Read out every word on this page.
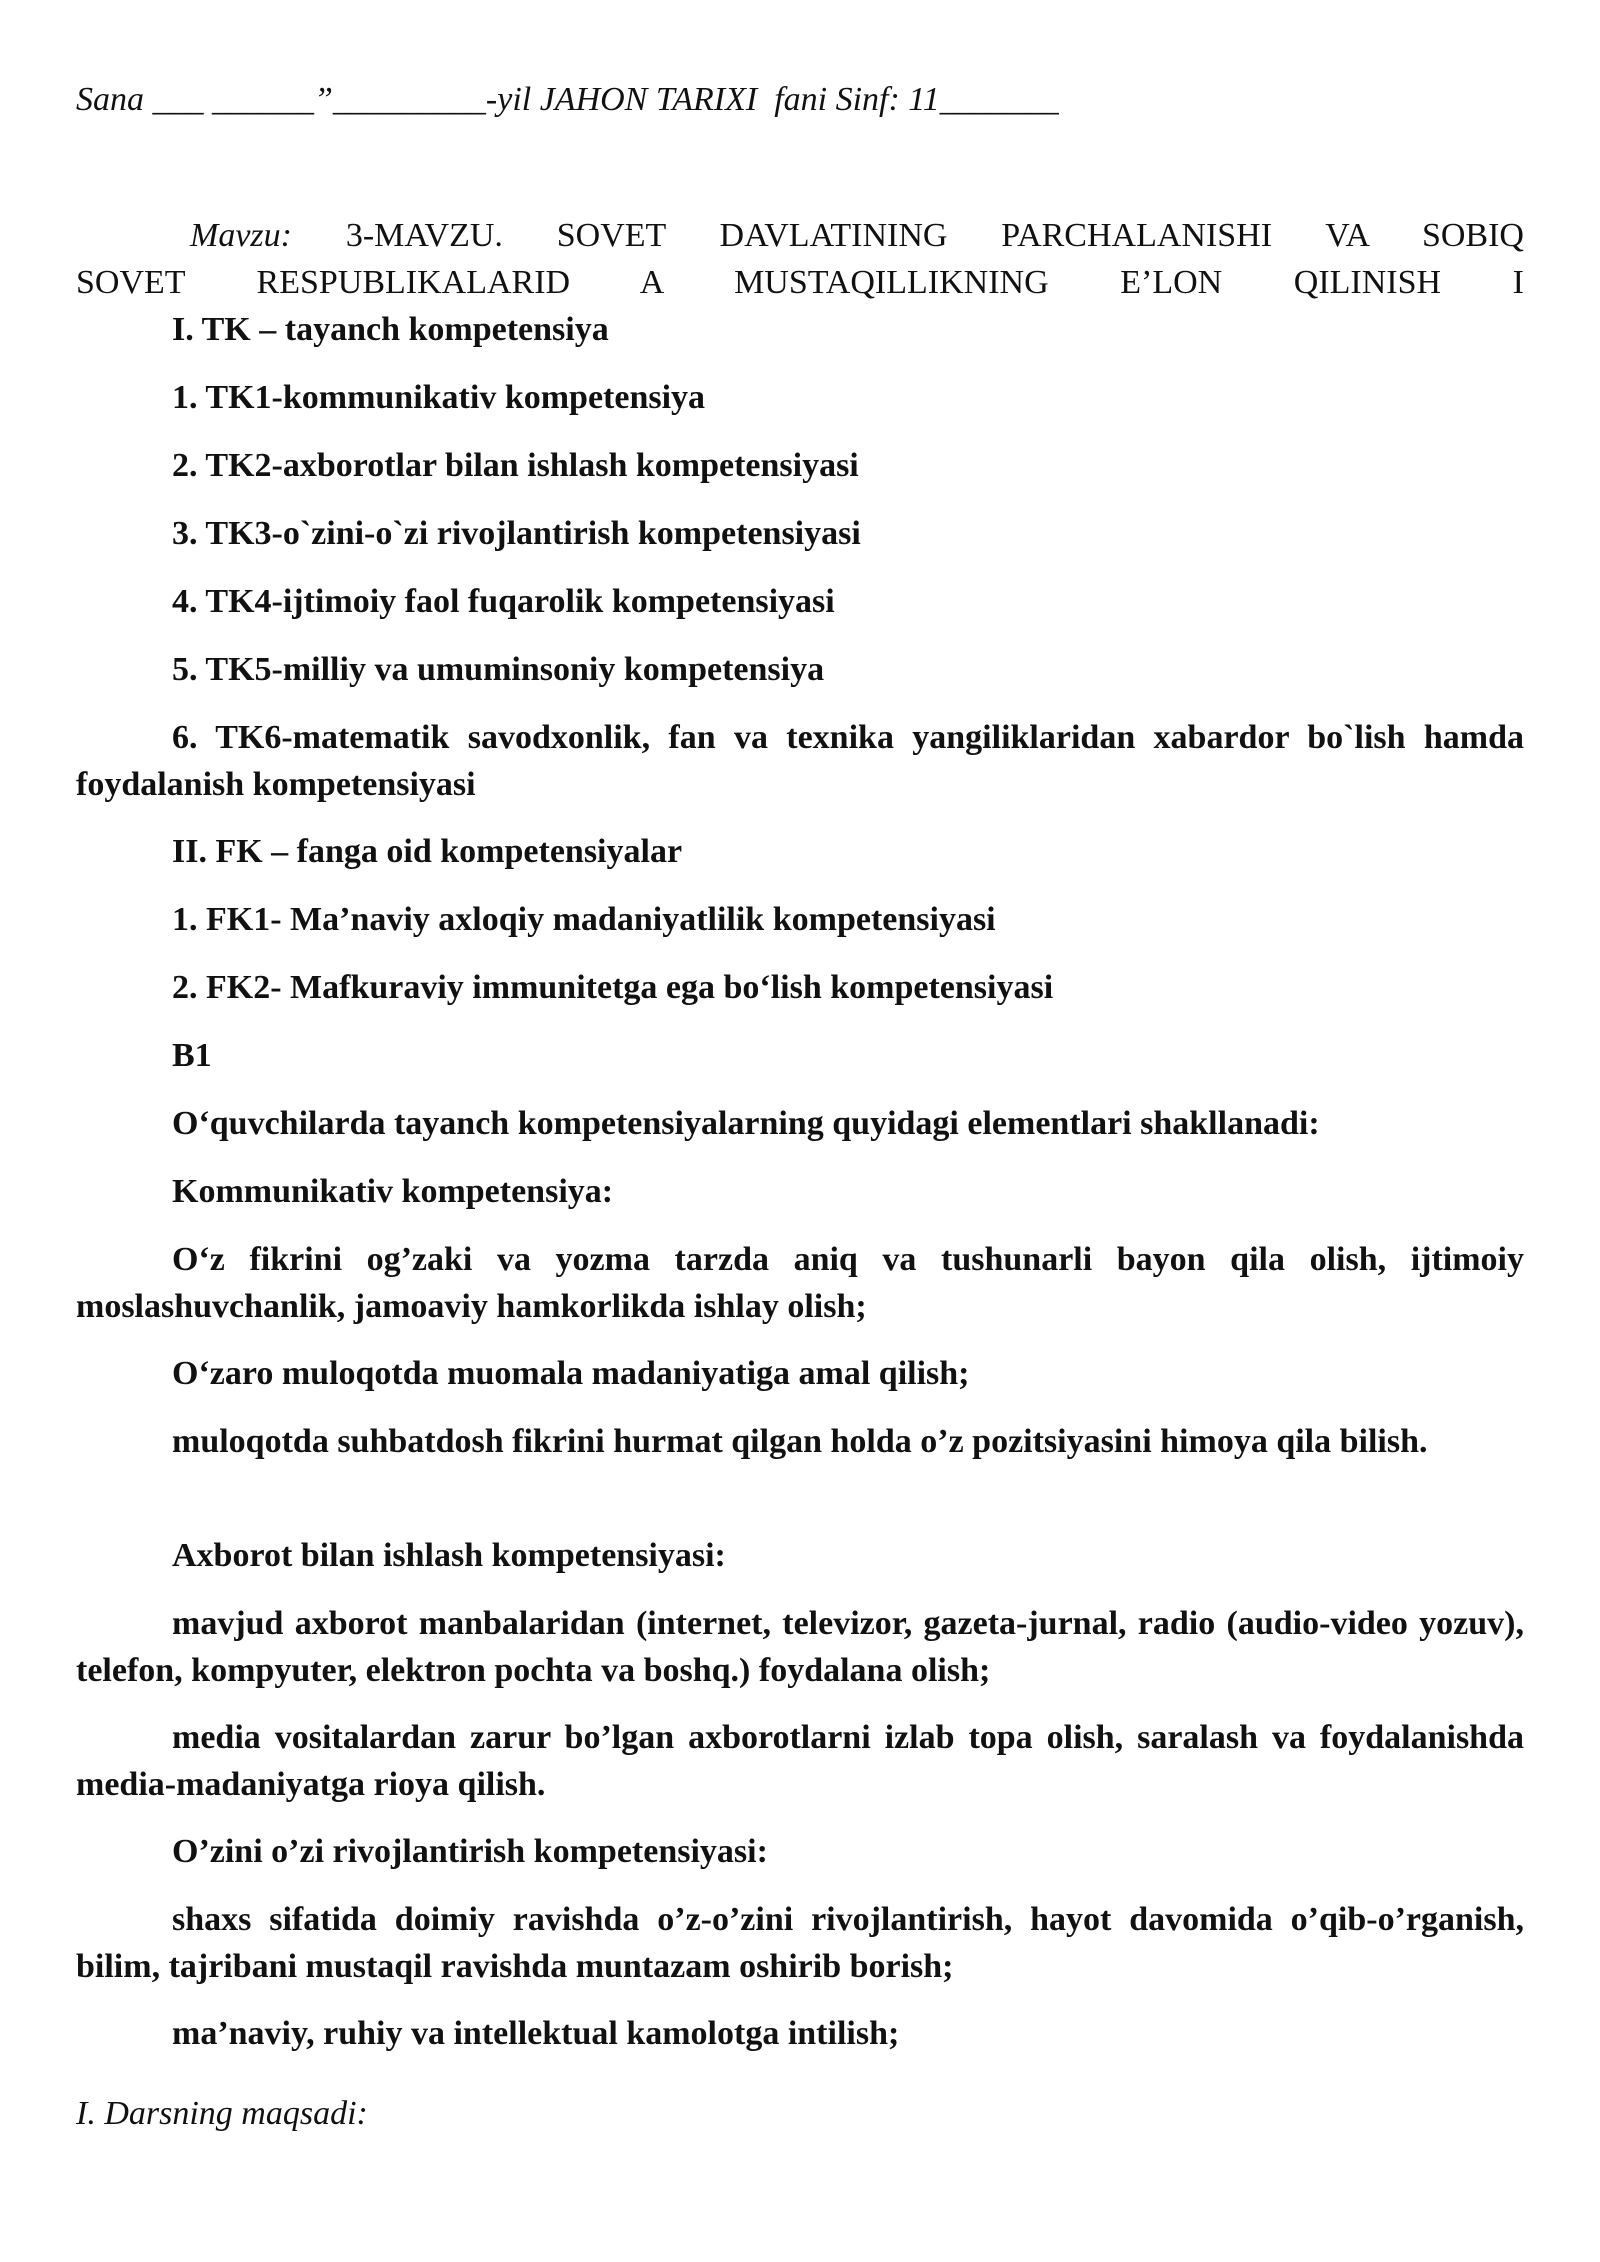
Sana ___ ______”_________-yil JAHON TARIXI  fani Sinf: 11_______
Mavzu: 3-MAVZU. SOVET DAVLATINING PARCHALANISHI VA SOBIQ
SOVET RESPUBLIKALARID A MUSTAQILLIKNING E’LON QILINISH I

I. TK – tayanch kompetensiya

1. TK1-kommunikativ kompetensiya

2. TK2-axborotlar bilan ishlash kompetensiyasi

3. TK3-o`zini-o`zi rivojlantirish kompetensiyasi

4. TK4-ijtimoiy faol fuqarolik kompetensiyasi

5. TK5-milliy va umuminsoniy kompetensiya

6. TK6-matematik savodxonlik, fan va texnika yangiliklaridan xabardor bo`lish hamda foydalanish kompetensiyasi

II. FK – fanga oid kompetensiyalar

1. FK1- Ma’naviy axloqiy madaniyatlilik kompetensiyasi

2. FK2- Mafkuraviy immunitetga ega bo‘lish kompetensiyasi

B1

O‘quvchilarda tayanch kompetensiyalarning quyidagi elementlari shakllanadi:

Kommunikativ kompetensiya:

O‘z fikrini og’zaki va yozma tarzda aniq va tushunarli bayon qila olish, ijtimoiy moslashuvchanlik, jamoaviy hamkorlikda ishlay olish;

O‘zaro muloqotda muomala madaniyatiga amal qilish;

muloqotda suhbatdosh fikrini hurmat qilgan holda o’z pozitsiyasini himoya qila bilish.

Axborot bilan ishlash kompetensiyasi:

mavjud axborot manbalaridan (internet, televizor, gazeta-jurnal, radio (audio-video yozuv), telefon, kompyuter, elektron pochta va boshq.) foydalana olish;

media vositalardan zarur bo’lgan axborotlarni izlab topa olish, saralash va foydalanishda media-madaniyatga rioya qilish.

O’zini o’zi rivojlantirish kompetensiyasi:

shaxs sifatida doimiy ravishda o’z-o’zini rivojlantirish, hayot davomida o’qib-o’rganish, bilim, tajribani mustaqil ravishda muntazam oshirib borish;

ma’naviy, ruhiy va intellektual kamolotga intilish;

I. Darsning maqsadi:
